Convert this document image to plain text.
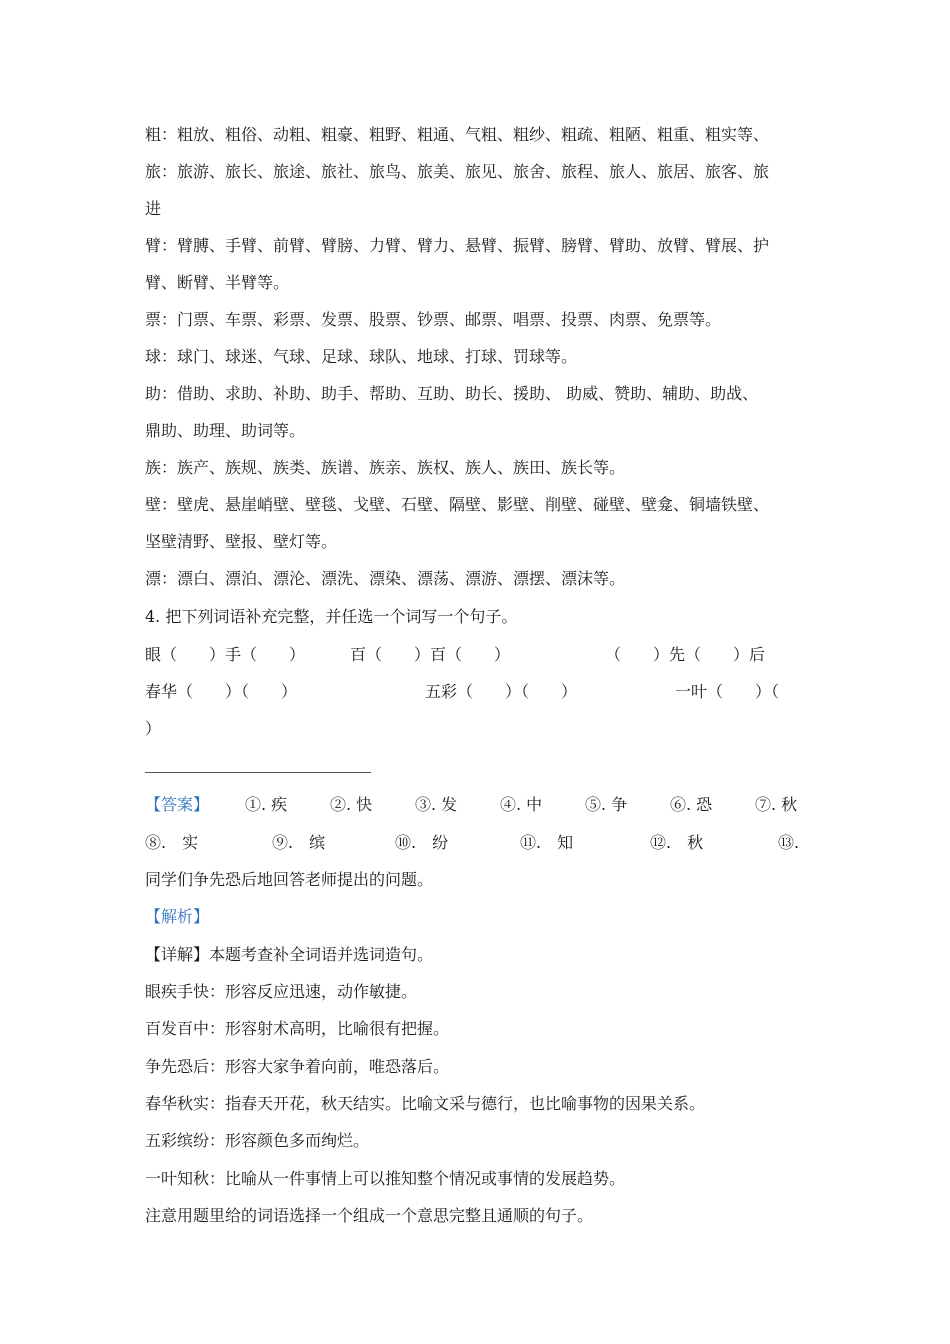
粗：粗放、粗俗、动粗、粗豪、粗野、粗通、气粗、粗纱、粗疏、粗陋、粗重、粗实等、
旅：旅游、旅长、旅途、旅社、旅鸟、旅美、旅见、旅舍、旅程、旅人、旅居、旅客、旅
进
臂：臂膊、手臂、前臂、臂膀、力臂、臂力、悬臂、振臂、膀臂、臂助、放臂、臂展、护
臂、断臂、半臂等。
票：门票、车票、彩票、发票、股票、钞票、邮票、唱票、投票、肉票、免票等。
球：球门、球迷、气球、足球、球队、地球、打球、罚球等。
助：借助、求助、补助、助手、帮助、互助、助长、援助、 助威、赞助、辅助、助战、
鼎助、助理、助词等。
族：族产、族规、族类、族谱、族亲、族权、族人、族田、族长等。
壁：壁虎、悬崖峭壁、壁毯、戈壁、石壁、隔壁、影壁、削壁、碰壁、壁龛、铜墙铁壁、
坚壁清野、壁报、壁灯等。
漂：漂白、漂泊、漂沦、漂洗、漂染、漂荡、漂游、漂摆、漂沫等。
4. 把下列词语补充完整，并任选一个词写一个句子。
眼（　　）手（　　）	百（　　）百（　　）	（　　）先（　　）后
春华（　　）（　　）	五彩（　　）（　　）	一叶（　　）（
）
【答案】 ①. 疾	②. 快	③. 发	④. 中	⑤. 争	⑥. 恐	⑦. 秋
⑧.　实	⑨.　缤	⑩.　纷	⑪.　知	⑫.　秋	⑬.
同学们争先恐后地回答老师提出的问题。
【解析】
【详解】本题考查补全词语并选词造句。
眼疾手快：形容反应迅速，动作敏捷。
百发百中：形容射术高明，比喻很有把握。
争先恐后：形容大家争着向前，唯恐落后。
春华秋实：指春天开花，秋天结实。比喻文采与德行，也比喻事物的因果关系。
五彩缤纷：形容颜色多而绚烂。
一叶知秋：比喻从一件事情上可以推知整个情况或事情的发展趋势。
注意用题里给的词语选择一个组成一个意思完整且通顺的句子。
